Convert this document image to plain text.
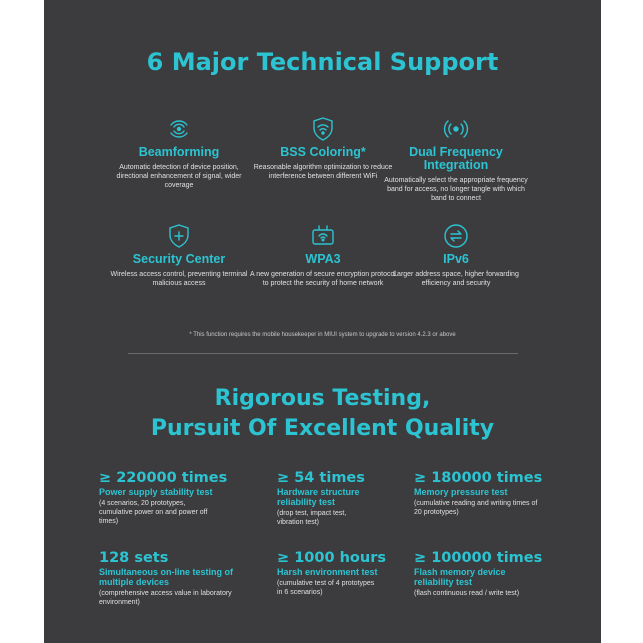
6 Major Technical Support
Beamforming
Automatic detection of device position, directional enhancement of signal, wider coverage
BSS Coloring*
Reasonable algorithm optimization to reduce interference between different WiFi
Dual Frequency Integration
Automatically select the appropriate frequency band for access, no longer tangle with which band to connect
Security Center
Wireless access control, preventing terminal malicious access
WPA3
A new generation of secure encryption protocol to protect the security of home network
IPv6
Larger address space, higher forwarding efficiency and security
* This function requires the mobile housekeeper in MIUI system to upgrade to version 4.2.3 or above
Rigorous Testing,
Pursuit Of Excellent Quality
≥ 220000 times
Power supply stability test
(4 scenarios, 20 prototypes, cumulative power on and power off times)
≥ 54 times
Hardware structure reliability test
(drop test, impact test, vibration test)
≥ 180000 times
Memory pressure test
(cumulative reading and writing times of 20 prototypes)
128 sets
Simultaneous on-line testing of multiple devices
(comprehensive access value in laboratory environment)
≥ 1000 hours
Harsh environment test
(cumulative test of 4 prototypes in 6 scenarios)
≥ 100000 times
Flash memory device reliability test
(flash continuous read / write test)
